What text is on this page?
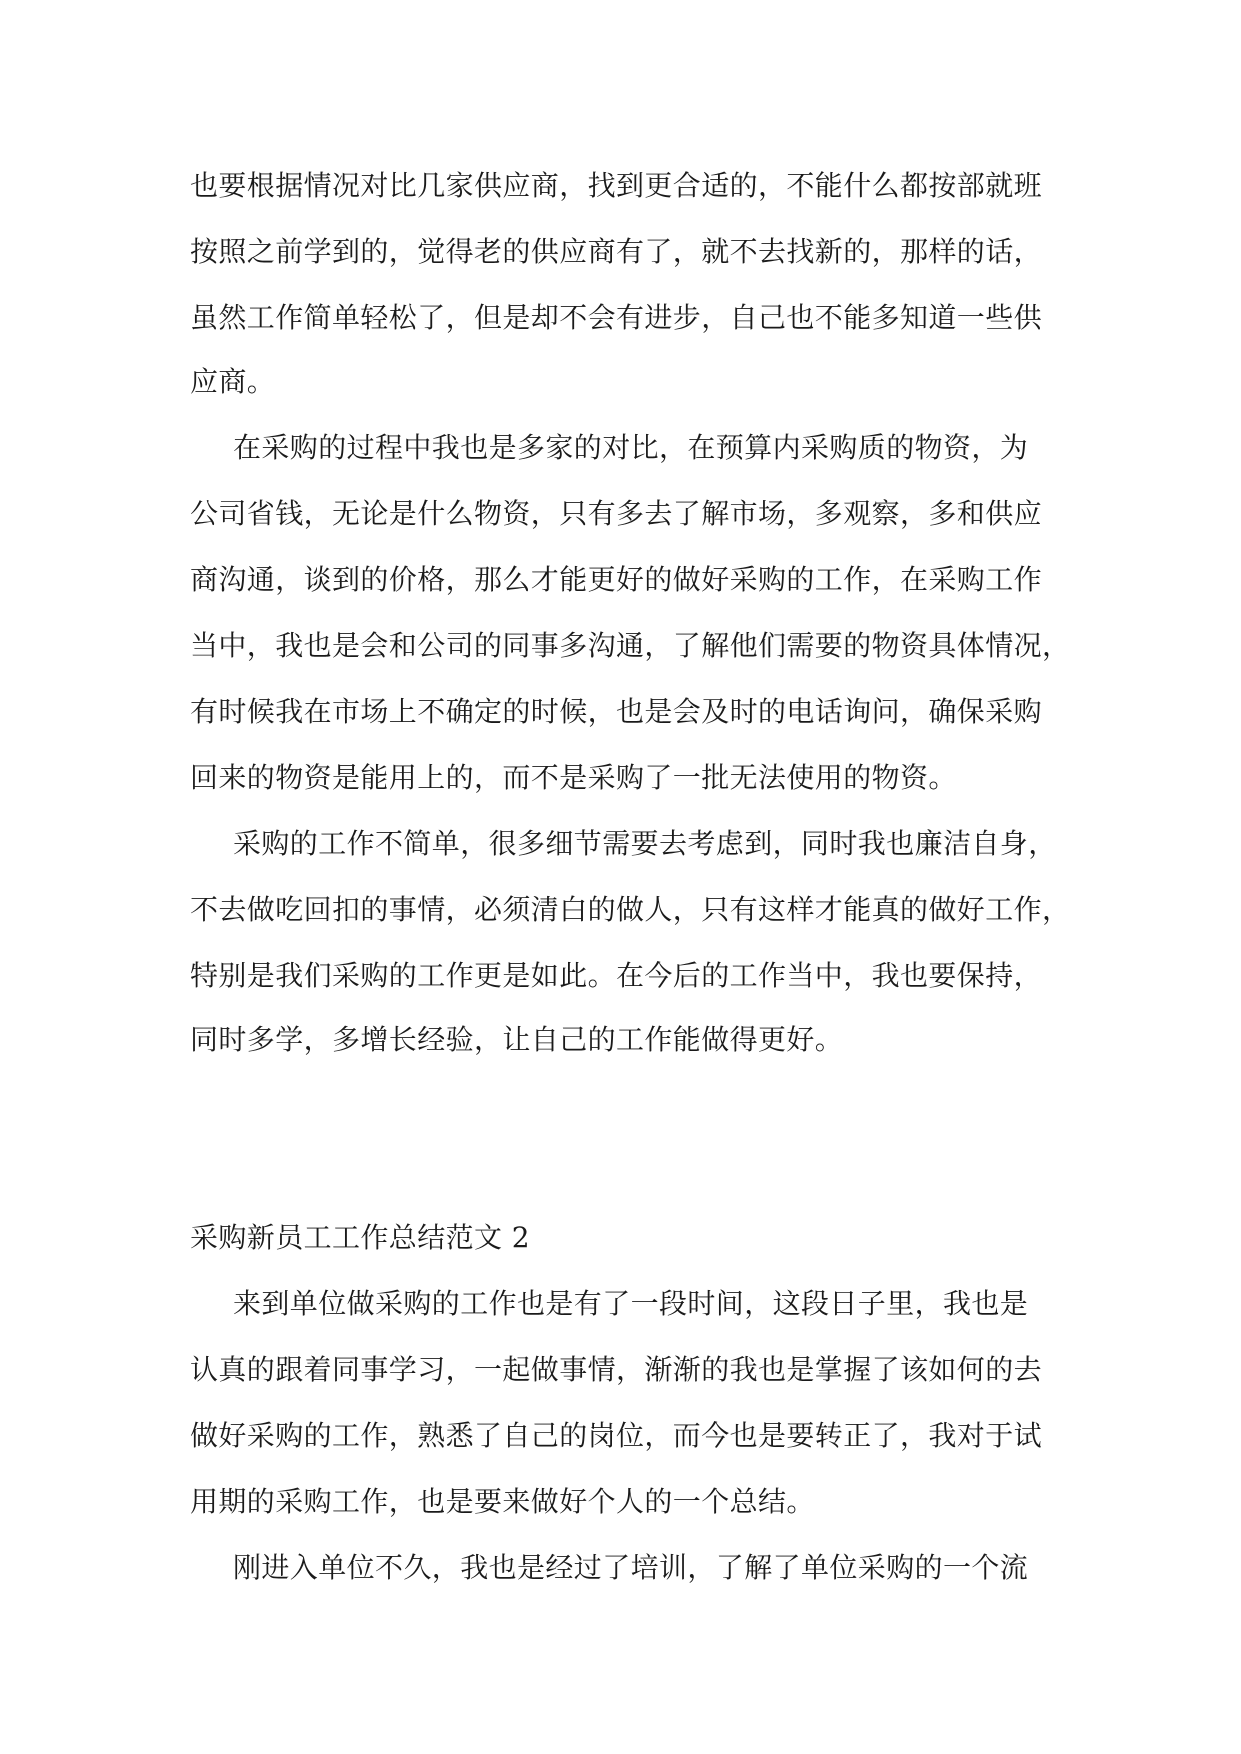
也要根据情况对比几家供应商，找到更合适的，不能什么都按部就班

按照之前学到的，觉得老的供应商有了，就不去找新的，那样的话，

虽然工作简单轻松了，但是却不会有进步，自己也不能多知道一些供

应商。

在采购的过程中我也是多家的对比，在预算内采购质的物资，为

公司省钱，无论是什么物资，只有多去了解市场，多观察，多和供应

商沟通，谈到的价格，那么才能更好的做好采购的工作，在采购工作

当中，我也是会和公司的同事多沟通，了解他们需要的物资具体情况，

有时候我在市场上不确定的时候，也是会及时的电话询问，确保采购

回来的物资是能用上的，而不是采购了一批无法使用的物资。

采购的工作不简单，很多细节需要去考虑到，同时我也廉洁自身，

不去做吃回扣的事情，必须清白的做人，只有这样才能真的做好工作，

特别是我们采购的工作更是如此。在今后的工作当中，我也要保持，

同时多学，多增长经验，让自己的工作能做得更好。

采购新员工工作总结范文 2

来到单位做采购的工作也是有了一段时间，这段日子里，我也是

认真的跟着同事学习，一起做事情，渐渐的我也是掌握了该如何的去

做好采购的工作，熟悉了自己的岗位，而今也是要转正了，我对于试

用期的采购工作，也是要来做好个人的一个总结。

刚进入单位不久，我也是经过了培训，了解了单位采购的一个流
